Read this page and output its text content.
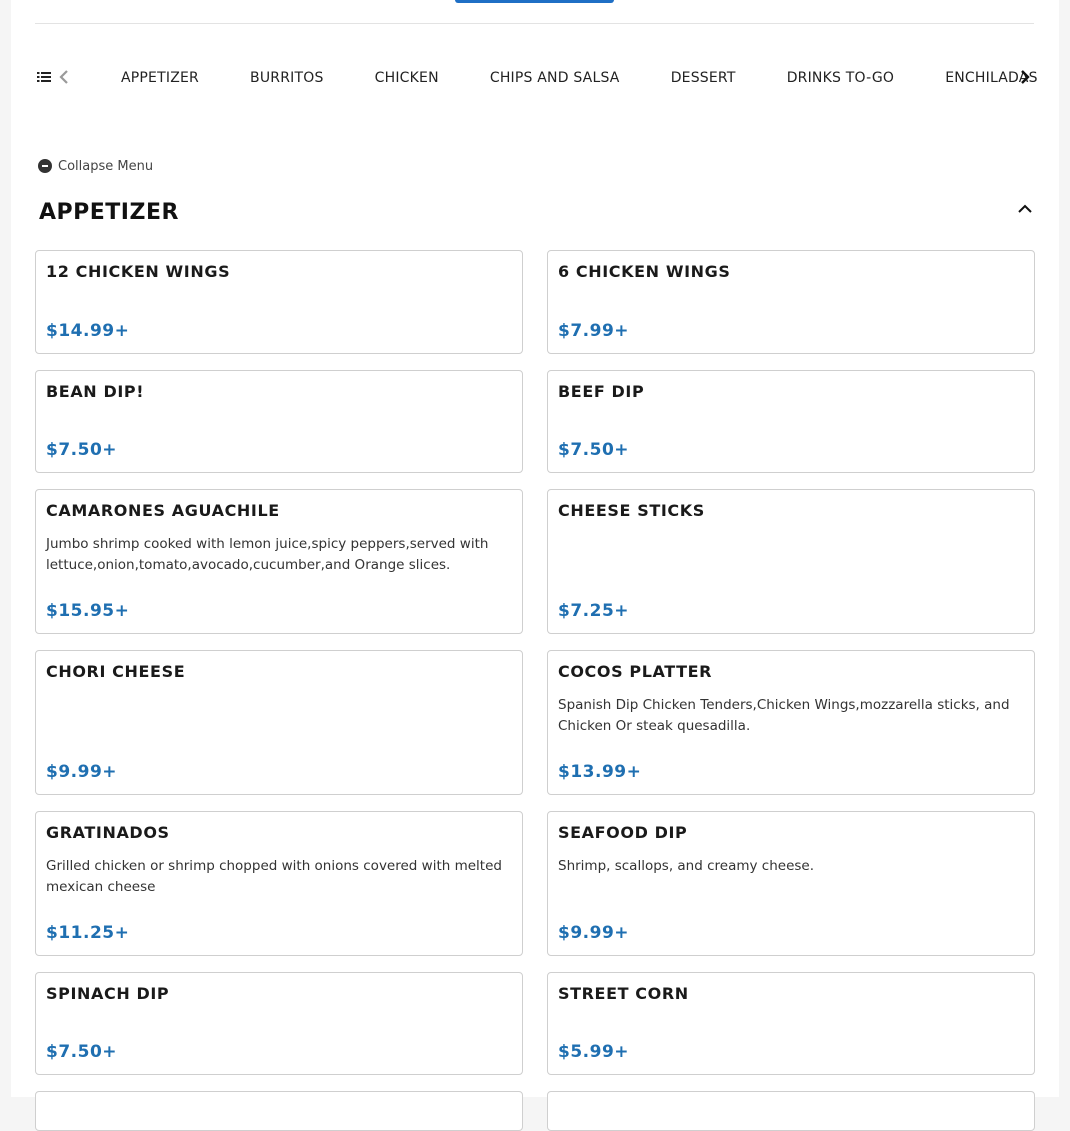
APPETIZER	BURRITOS	CHICKEN	CHIPS AND SALSA	DESSERT	DRINKS TO-GO	ENCHILADAS
Collapse Menu
APPETIZER
12 CHICKEN WINGS
$14.99+
6 CHICKEN WINGS
$7.99+
BEAN DIP!
$7.50+
BEEF DIP
$7.50+
CAMARONES AGUACHILE
Jumbo shrimp cooked with lemon juice,spicy peppers,served with lettuce,onion,tomato,avocado,cucumber,and Orange slices.
$15.95+
CHEESE STICKS
$7.25+
CHORI CHEESE
$9.99+
COCOS PLATTER
Spanish Dip Chicken Tenders,Chicken Wings,mozzarella sticks, and Chicken Or steak quesadilla.
$13.99+
GRATINADOS
Grilled chicken or shrimp chopped with onions covered with melted mexican cheese
$11.25+
SEAFOOD DIP
Shrimp, scallops, and creamy cheese.
$9.99+
SPINACH DIP
$7.50+
STREET CORN
$5.99+
